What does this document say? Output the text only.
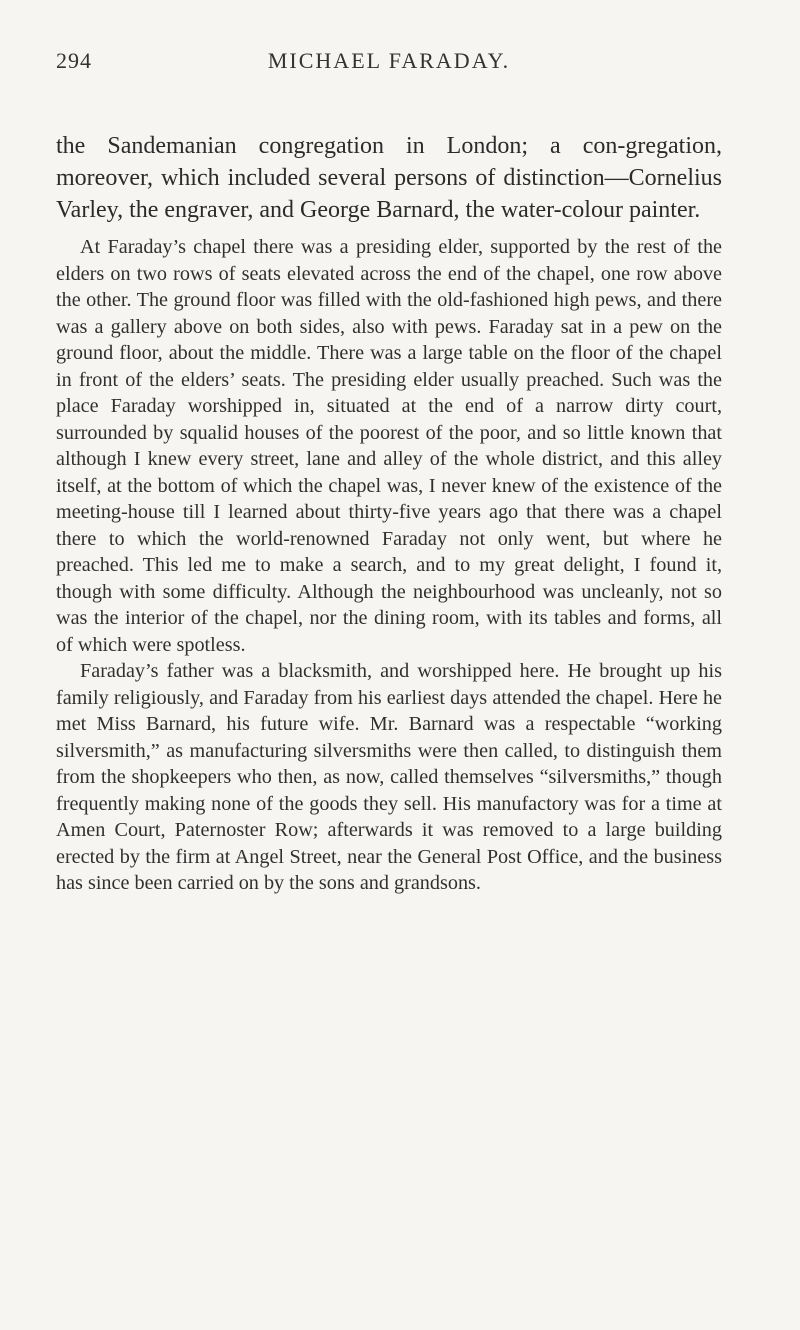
294	MICHAEL FARADAY.

the Sandemanian congregation in London; a con-gregation, moreover, which included several persons of distinction—Cornelius Varley, the engraver, and George Barnard, the water-colour painter.

At Faraday’s chapel there was a presiding elder, supported by the rest of the elders on two rows of seats elevated across the end of the chapel, one row above the other. The ground floor was filled with the old-fashioned high pews, and there was a gallery above on both sides, also with pews. Faraday sat in a pew on the ground floor, about the middle. There was a large table on the floor of the chapel in front of the elders’ seats. The presiding elder usually preached. Such was the place Faraday worshipped in, situated at the end of a narrow dirty court, surrounded by squalid houses of the poorest of the poor, and so little known that although I knew every street, lane and alley of the whole district, and this alley itself, at the bottom of which the chapel was, I never knew of the existence of the meeting-house till I learned about thirty-five years ago that there was a chapel there to which the world-renowned Faraday not only went, but where he preached. This led me to make a search, and to my great delight, I found it, though with some difficulty. Although the neighbourhood was uncleanly, not so was the interior of the chapel, nor the dining room, with its tables and forms, all of which were spotless.

Faraday’s father was a blacksmith, and worshipped here. He brought up his family religiously, and Faraday from his earliest days attended the chapel. Here he met Miss Barnard, his future wife. Mr. Barnard was a respectable “working silversmith,” as manufacturing silversmiths were then called, to distinguish them from the shopkeepers who then, as now, called themselves “silversmiths,” though frequently making none of the goods they sell. His manufactory was for a time at Amen Court, Paternoster Row; afterwards it was removed to a large building erected by the firm at Angel Street, near the General Post Office, and the business has since been carried on by the sons and grandsons.
